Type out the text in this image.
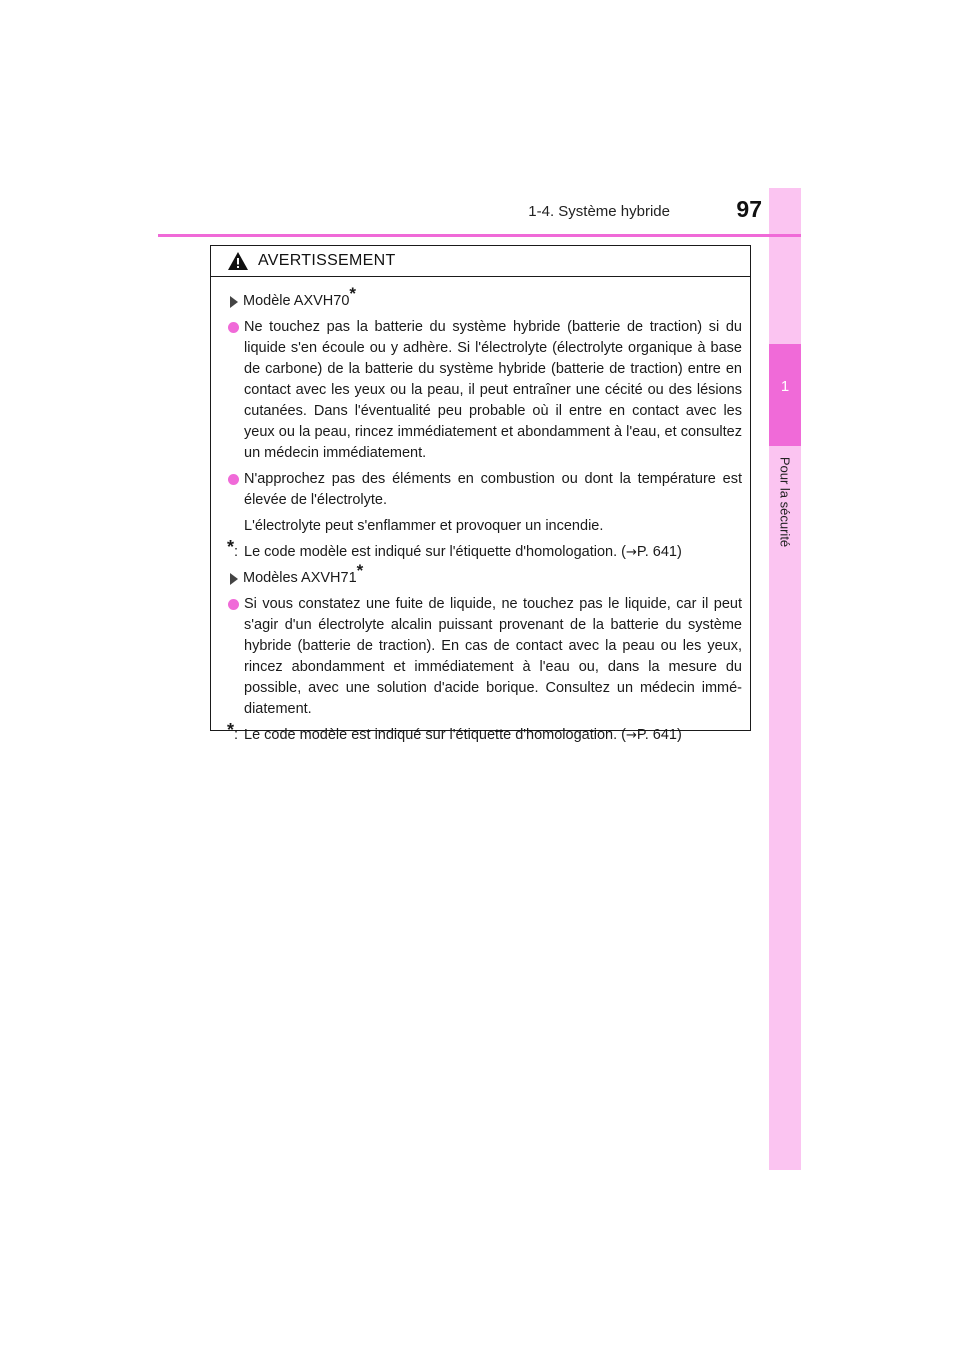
1-4. Système hybride	97
1
Pour la sécurité
AVERTISSEMENT
Modèle AXVH70*
Ne touchez pas la batterie du système hybride (batterie de traction) si du liquide s'en écoule ou y adhère. Si l'électrolyte (électrolyte organique à base de carbone) de la batterie du système hybride (batterie de traction) entre en contact avec les yeux ou la peau, il peut entraîner une cécité ou des lésions cutanées. Dans l'éventualité peu probable où il entre en contact avec les yeux ou la peau, rincez immédiatement et abondamment à l'eau, et consultez un médecin immédiatement.
N'approchez pas des éléments en combustion ou dont la température est élevée de l'électrolyte.
L'électrolyte peut s'enflammer et provoquer un incendie.
*: Le code modèle est indiqué sur l'étiquette d'homologation. (→P. 641)
Modèles AXVH71*
Si vous constatez une fuite de liquide, ne touchez pas le liquide, car il peut s'agir d'un électrolyte alcalin puissant provenant de la batterie du système hybride (batterie de traction). En cas de contact avec la peau ou les yeux, rincez abondamment et immédiatement à l'eau ou, dans la mesure du possible, avec une solution d'acide borique. Consultez un médecin immé-diatement.
*: Le code modèle est indiqué sur l'étiquette d'homologation. (→P. 641)
